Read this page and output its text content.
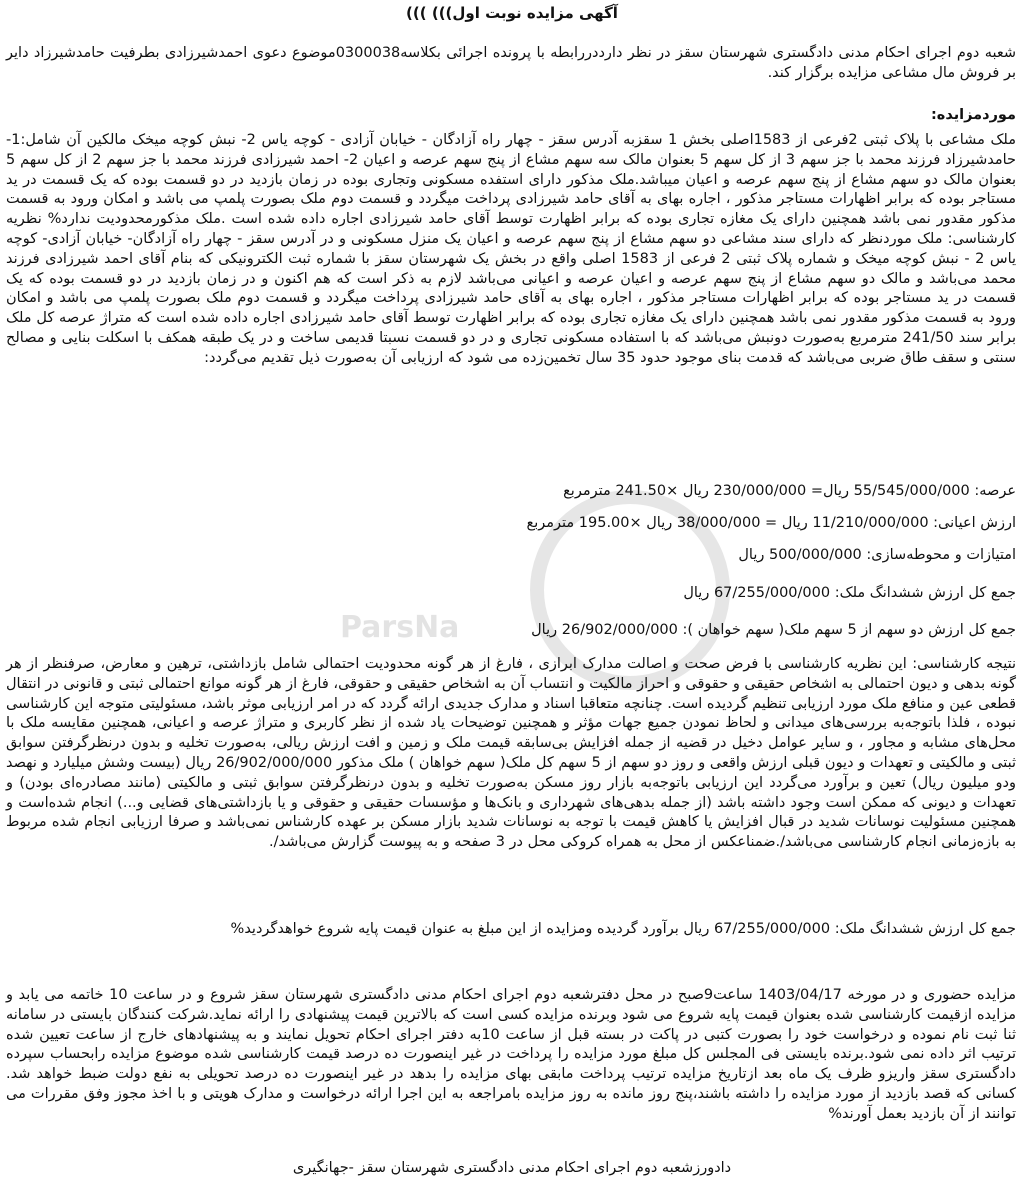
ParsNa
آگهی مزایده نوبت اول))) )))
شعبه دوم اجرای احکام مدنی دادگستری شهرستان سقز در نظر دارددررابطه با پرونده اجرائی بکلاسه0300038موضوع دعوی احمدشیرزادی بطرفیت حامدشیرزاد دایر بر فروش مال مشاعی مزایده برگزار کند.
موردمزایده:
ملک مشاعی با پلاک ثبتی 2فرعی از 1583اصلی بخش 1 سقزبه آدرس سقز - چهار راه آزادگان - خیابان آزادی - کوچه یاس 2- نبش کوچه میخک مالکین آن شامل:1- حامدشیرزاد فرزند محمد با جز سهم 3 از کل سهم 5 بعنوان مالک سه سهم مشاع از پنج سهم عرصه و اعیان 2- احمد شیرزادی فرزند محمد با جز سهم 2 از کل سهم 5 بعنوان مالک دو سهم مشاع از پنج سهم عرصه و اعیان میباشد.ملک مذکور دارای استفده مسکونی وتجاری بوده در زمان بازدید در دو قسمت بوده که یک قسمت در ید مستاجر بوده که برابر اظهارات مستاجر مذکور ، اجاره بهای به آقای حامد شیرزادی پرداخت میگردد و قسمت دوم ملک بصورت پلمپ می باشد و امکان ورود به قسمت مذکور مقدور نمی باشد همچنین دارای یک مغازه تجاری بوده که برابر اظهارت توسط آقای حامد شیرزادی اجاره داده شده است .ملک مذکورمحدودیت ندارد% نظریه کارشناسی: ملک موردنظر که دارای سند مشاعی دو سهم مشاع از پنج سهم عرصه و اعیان یک منزل مسکونی و در آدرس سقز - چهار راه آزادگان- خیابان آزادی- کوچه یاس 2 - نبش کوچه میخک و شماره پلاک ثبتی 2 فرعی از 1583 اصلی واقع در بخش یک شهرستان سقز با شماره ثبت الکترونیکی که بنام آقای احمد شیرزادی فرزند محمد می‌باشد و مالک دو سهم مشاع از پنج سهم عرصه و اعیان عرصه و اعیانی می‌باشد لازم به ذکر است که هم اکنون و در زمان بازدید در دو قسمت بوده که یک قسمت در ید مستاجر بوده که برابر اظهارات مستاجر مذکور ، اجاره بهای به آقای حامد شیرزادی پرداخت میگردد و قسمت دوم ملک بصورت پلمپ می باشد و امکان ورود به قسمت مذکور مقدور نمی باشد همچنین دارای یک مغازه تجاری بوده که برابر اظهارت توسط آقای حامد شیرزادی اجاره داده شده است که متراژ عرصه کل ملک برابر سند 241/50 مترمربع به‌صورت دونبش می‌باشد که با استفاده مسکونی تجاری و در دو قسمت نسبتا قدیمی ساخت و در یک طبقه همکف با اسکلت بنایی و مصالح سنتی و سقف طاق ضربی می‌باشد که قدمت بنای موجود حدود 35 سال تخمین‌زده می شود که ارزیابی آن به‌صورت ذیل تقدیم می‌گردد:
عرصه: 55/545/000/000 ریال= 230/000/000 ریال ×241.50 مترمربع
ارزش اعیانی: 11/210/000/000 ریال = 38/000/000 ریال ×195.00 مترمربع
امتیازات و محوطه‌سازی: 500/000/000 ریال
جمع کل ارزش ششدانگ ملک: 67/255/000/000 ریال
جمع کل ارزش دو سهم از 5 سهم ملک( سهم خواهان ): 26/902/000/000 ریال
نتیجه کارشناسی: این نظریه کارشناسی با فرض صحت و اصالت مدارک ابرازی ، فارغ از هر گونه محدودیت احتمالی شامل بازداشتی، ترهین و معارض، صرفنظر از هر گونه بدهی و دیون احتمالی به اشخاص حقیقی و حقوقی و احراز مالکیت و انتساب آن به اشخاص حقیقی و حقوقی، فارغ از هر گونه موانع احتمالی ثبتی و قانونی در انتقال قطعی عین و منافع ملک مورد ارزیابی تنظیم گردیده است. چنانچه متعاقبا اسناد و مدارک جدیدی ارائه گردد که در امر ارزیابی موثر باشد، مسئولیتی متوجه این کارشناسی نبوده ، فلذا باتوجه‌به بررسی‌های میدانی و لحاظ نمودن جمیع جهات مؤثر و همچنین توضیحات یاد شده از نظر کاربری و متراژ عرصه و اعیانی، همچنین مقایسه ملک با محل‌های مشابه و مجاور ، و سایر عوامل دخیل در قضیه از جمله افزایش بی‌سابقه قیمت ملک و زمین و افت ارزش ریالی، به‌صورت تخلیه و بدون درنظرگرفتن سوابق ثبتی و مالکیتی و تعهدات و دیون قبلی ارزش واقعی و روز دو سهم از 5 سهم کل ملک( سهم خواهان ) ملک مذکور 26/902/000/000 ریال (بیست وشش میلیارد و نهصد ودو میلیون ریال) تعین و برآورد می‌گردد این ارزیابی باتوجه‌به بازار روز مسکن به‌صورت تخلیه و بدون درنظرگرفتن سوابق ثبتی و مالکیتی (مانند مصادره‌ای بودن) و تعهدات و دیونی که ممکن است وجود داشته باشد (از جمله بدهی‌های شهرداری و بانک‌ها و مؤسسات حقیقی و حقوقی و یا بازداشتی‌های قضایی و...) انجام شده‌است و همچنین مسئولیت نوسانات شدید در قبال افزایش یا کاهش قیمت با توجه به نوسانات شدید بازار مسکن بر عهده کارشناس نمی‌باشد و صرفا ارزیابی انجام شده مربوط به بازه‌زمانی انجام کارشناسی می‌باشد/.ضمناعکس از محل به همراه کروکی محل در 3 صفحه و به پیوست گزارش می‌باشد/.
جمع کل ارزش ششدانگ ملک: 67/255/000/000 ریال برآورد گردیده ومزایده از این مبلغ به عنوان قیمت پایه شروع خواهدگردید%
مزایده حضوری و در مورخه 1403/04/17 ساعت9صبح در محل دفترشعبه دوم اجرای احکام مدنی دادگستری شهرستان سقز شروع و در ساعت 10 خاتمه می یابد و مزایده ازقیمت کارشناسی شده بعنوان قیمت پایه شروع می شود وبرنده مزایده کسی است که بالاترین قیمت پیشنهادی را ارائه نماید.شرکت کنندگان بایستی در سامانه ثنا ثبت نام نموده و درخواست خود را بصورت کتبی در پاکت در بسته قبل از ساعت 10به دفتر اجرای احکام تحویل نمایند و به پیشنهادهای خارج از ساعت تعیین شده ترتیب اثر داده نمی شود.برنده بایستی فی المجلس کل مبلغ مورد مزایده را پرداخت در غیر اینصورت ده درصد قیمت کارشناسی شده موضوع مزایده رابحساب سپرده دادگستری سقز واریزو ظرف یک ماه بعد ازتاریخ مزایده ترتیب پرداخت مابقی بهای مزایده را بدهد در غیر اینصورت ده درصد تحویلی به نفع دولت ضبط خواهد شد. کسانی که قصد بازدید از مورد مزایده را داشته باشند،پنج روز مانده به روز مزایده بامراجعه به این اجرا ارائه درخواست و مدارک هویتی و با اخذ مجوز وفق مقررات می توانند از آن بازدید بعمل آورند%
دادورزشعبه دوم اجرای احکام مدنی دادگستری شهرستان سقز -جهانگیری
